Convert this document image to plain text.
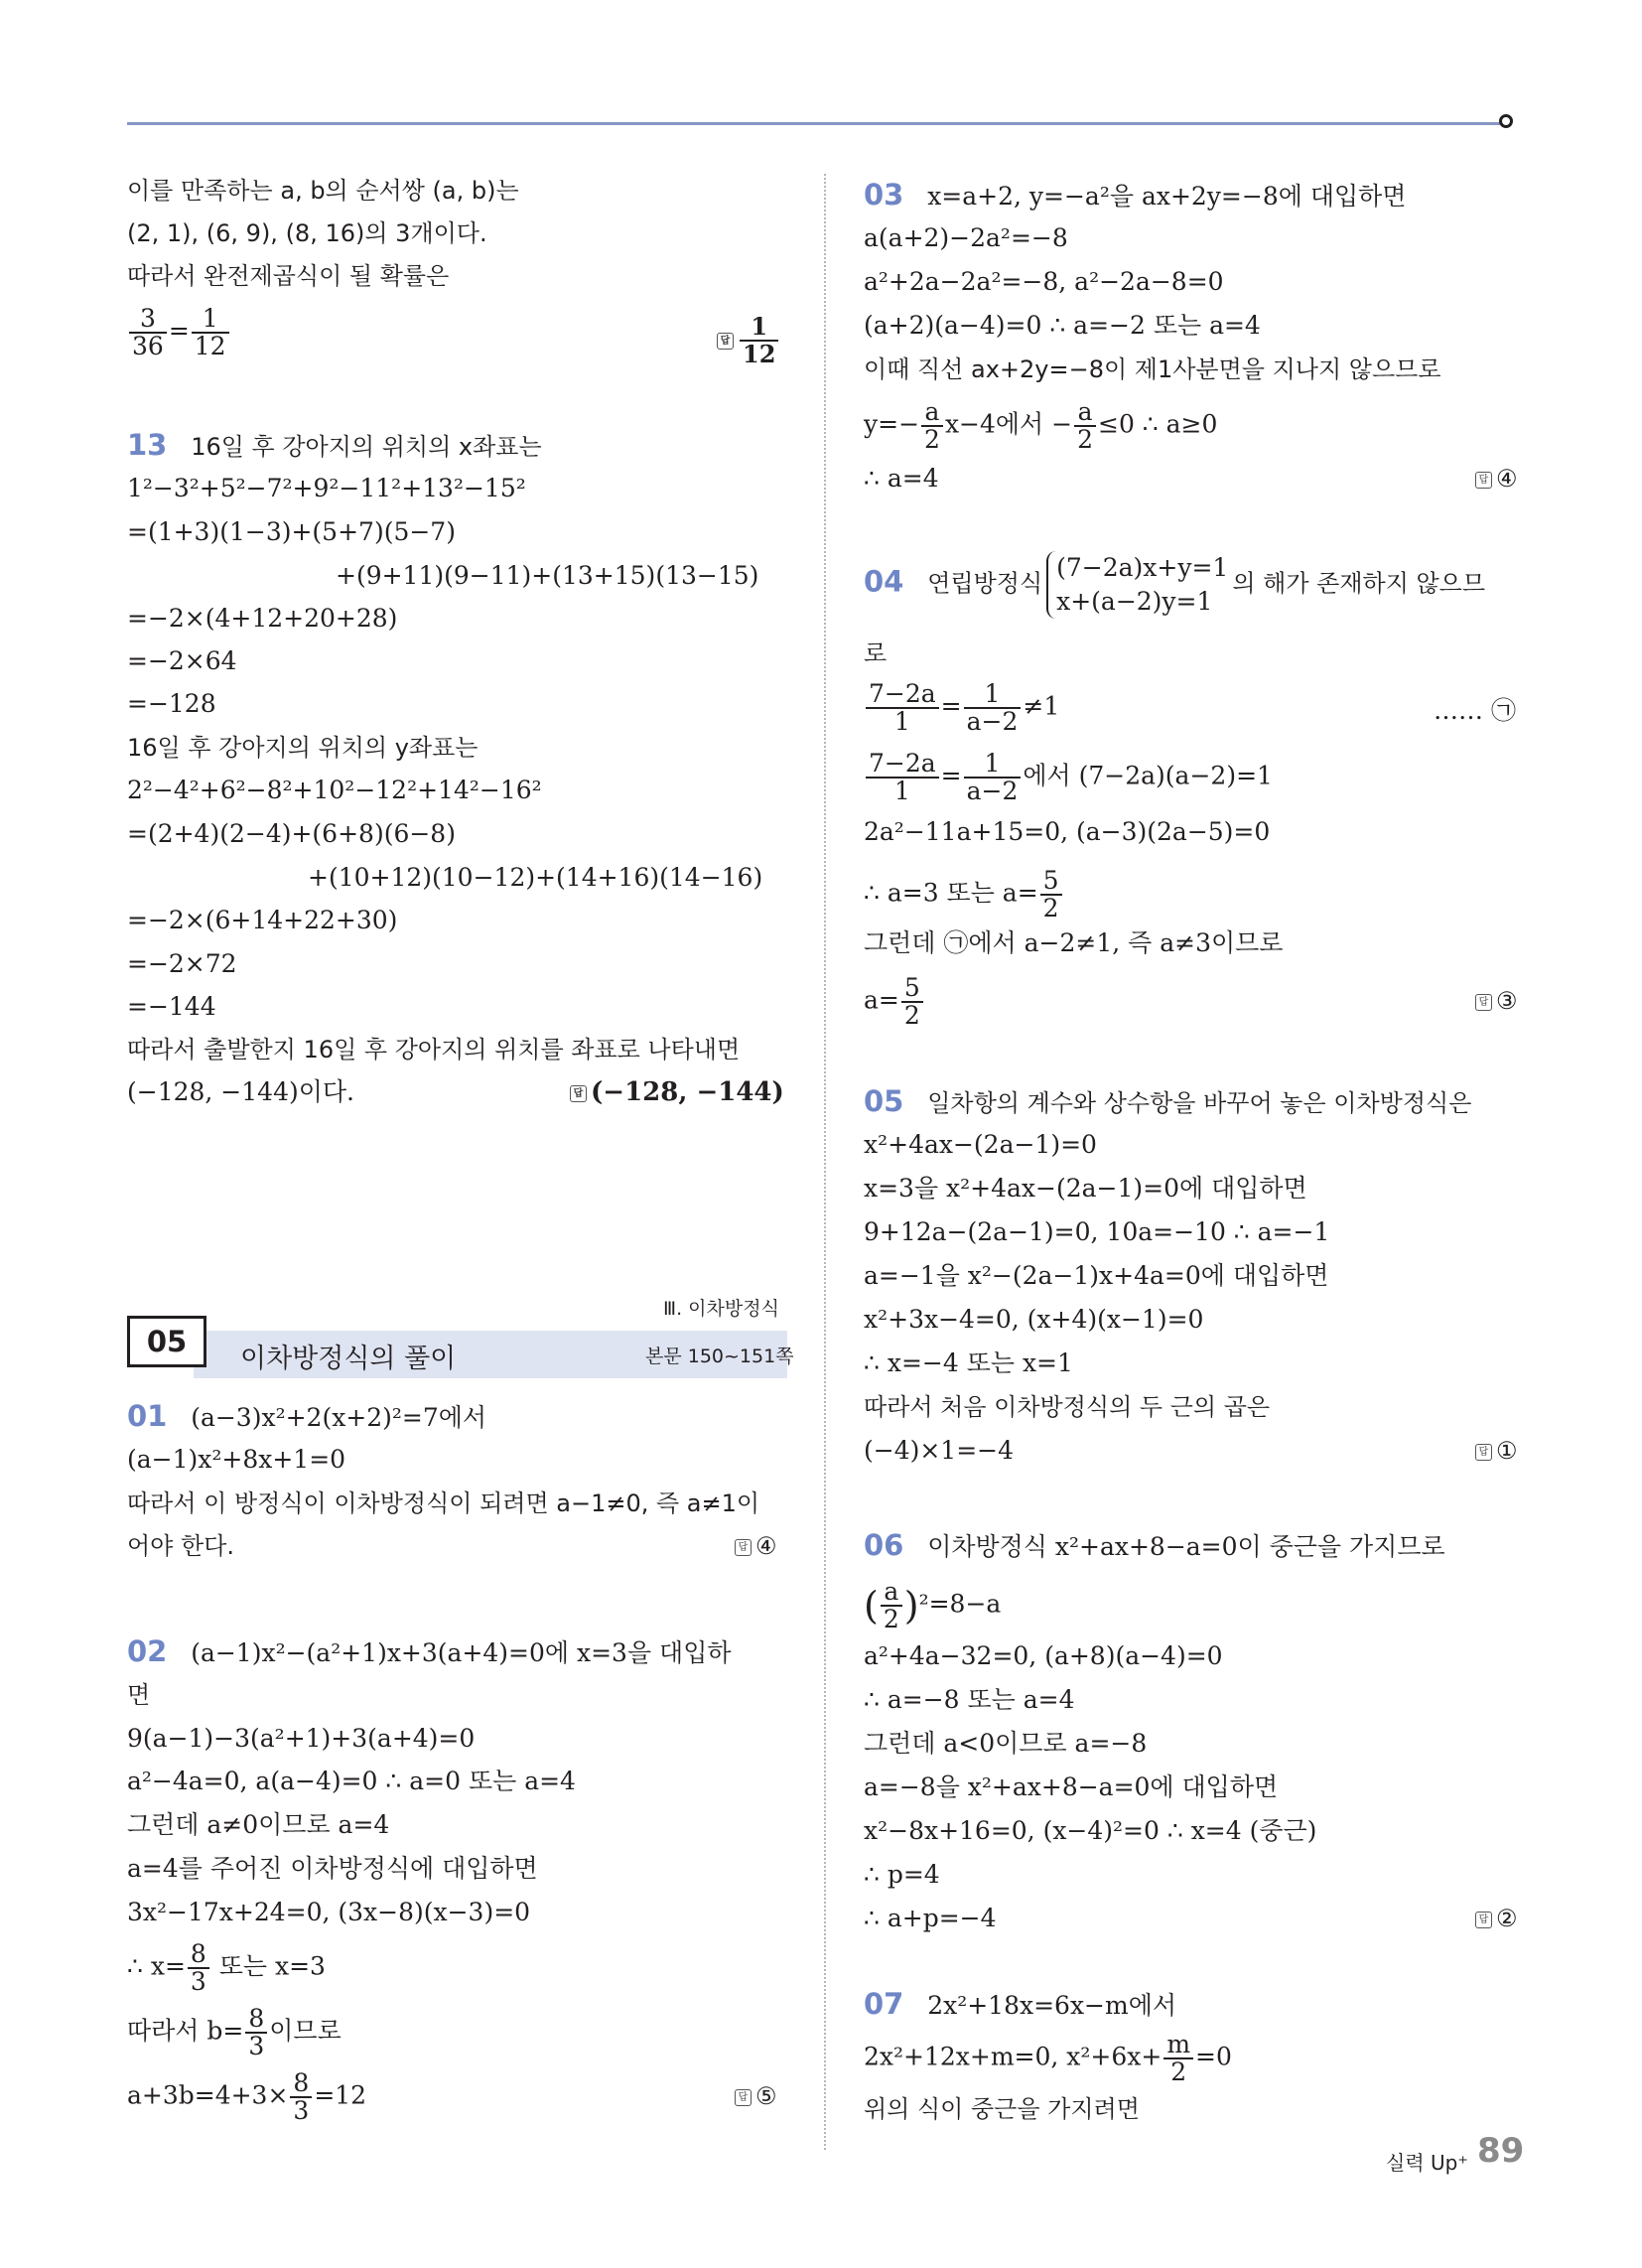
이를 만족하는 a, b의 순서쌍 (a, b)는
(2, 1), (6, 9), (8, 16)의 3개이다.
따라서 완전제곱식이 될 확률은
$\frac{3}{36} = \frac{1}{12}$	답 $\frac{1}{12}$
13 16일 후 강아지의 위치의 x좌표는
1²−3²+5²−7²+9²−11²+13²−15²
=(1+3)(1−3)+(5+7)(5−7)
+(9+11)(9−11)+(13+15)(13−15)
=−2×(4+12+20+28)
=−2×64
=−128
16일 후 강아지의 위치의 y좌표는
2²−4²+6²−8²+10²−12²+14²−16²
=(2+4)(2−4)+(6+8)(6−8)
+(10+12)(10−12)+(14+16)(14−16)
=−2×(6+14+22+30)
=−2×72
=−144
따라서 출발한지 16일 후 강아지의 위치를 좌표로 나타내면
(−128, −144)이다.	답 (−128, −144)
Ⅲ. 이차방정식
05
이차방정식의 풀이	본문 150~151쪽
01 (a−3)x²+2(x+2)²=7에서
(a−1)x²+8x+1=0
따라서 이 방정식이 이차방정식이 되려면 a−1≠0, 즉 a≠1이
어야 한다.	답 ④
02 (a−1)x²−(a²+1)x+3(a+4)=0에 x=3을 대입하
면
9(a−1)−3(a²+1)+3(a+4)=0
a²−4a=0, a(a−4)=0 ∴ a=0 또는 a=4
그런데 a≠0이므로 a=4
a=4를 주어진 이차방정식에 대입하면
3x²−17x+24=0, (3x−8)(x−3)=0
∴ $x= \frac{8}{3}$ 또는 x=3
따라서 $b= \frac{8}{3}$ 이므로
$a+3b=4+3\times \frac{8}{3} =12$	답 ⑤
03 x=a+2, y=−a²을 ax+2y=−8에 대입하면
a(a+2)−2a²=−8
a²+2a−2a²=−8, a²−2a−8=0
(a+2)(a−4)=0 ∴ a=−2 또는 a=4
이때 직선 ax+2y=−8이 제1사분면을 지나지 않으므로
$y=- \frac{a}{2} x-4$에서 − $\frac{a}{2} \le 0$ ∴ a≥0
∴ a=4	답 ④
04 연립방정식
(7−2a)x+y=1
x+(a−2)y=1
의 해가 존재하지 않으므
로
$\frac{7-2a}{1} = \frac{1}{a-2} \ne 1$	…… ㉠
$\frac{7-2a}{1} = \frac{1}{a-2}$ 에서 (7−2a)(a−2)=1
2a²−11a+15=0, (a−3)(2a−5)=0
∴ a=3 또는 $a= \frac{5}{2}$
그런데 ㉠에서 a−2≠1, 즉 a≠3이므로
$a= \frac{5}{2}$	답 ③
05 일차항의 계수와 상수항을 바꾸어 놓은 이차방정식은
x²+4ax−(2a−1)=0
x=3을 x²+4ax−(2a−1)=0에 대입하면
9+12a−(2a−1)=0, 10a=−10 ∴ a=−1
a=−1을 x²−(2a−1)x+4a=0에 대입하면
x²+3x−4=0, (x+4)(x−1)=0
∴ x=−4 또는 x=1
따라서 처음 이차방정식의 두 근의 곱은
(−4)×1=−4	답 ①
06 이차방정식 x²+ax+8−a=0이 중근을 가지므로
( $\frac{a}{2} )^2=8-a$
a²+4a−32=0, (a+8)(a−4)=0
∴ a=−8 또는 a=4
그런데 a<0이므로 a=−8
a=−8을 x²+ax+8−a=0에 대입하면
x²−8x+16=0, (x−4)²=0 ∴ x=4 (중근)
∴ p=4
∴ a+p=−4	답 ②
07 2x²+18x=6x−m에서
2x²+12x+m=0, $x^2+6x+ \frac{m}{2} =0$
위의 식이 중근을 가지려면
실력 Up⁺ 89
